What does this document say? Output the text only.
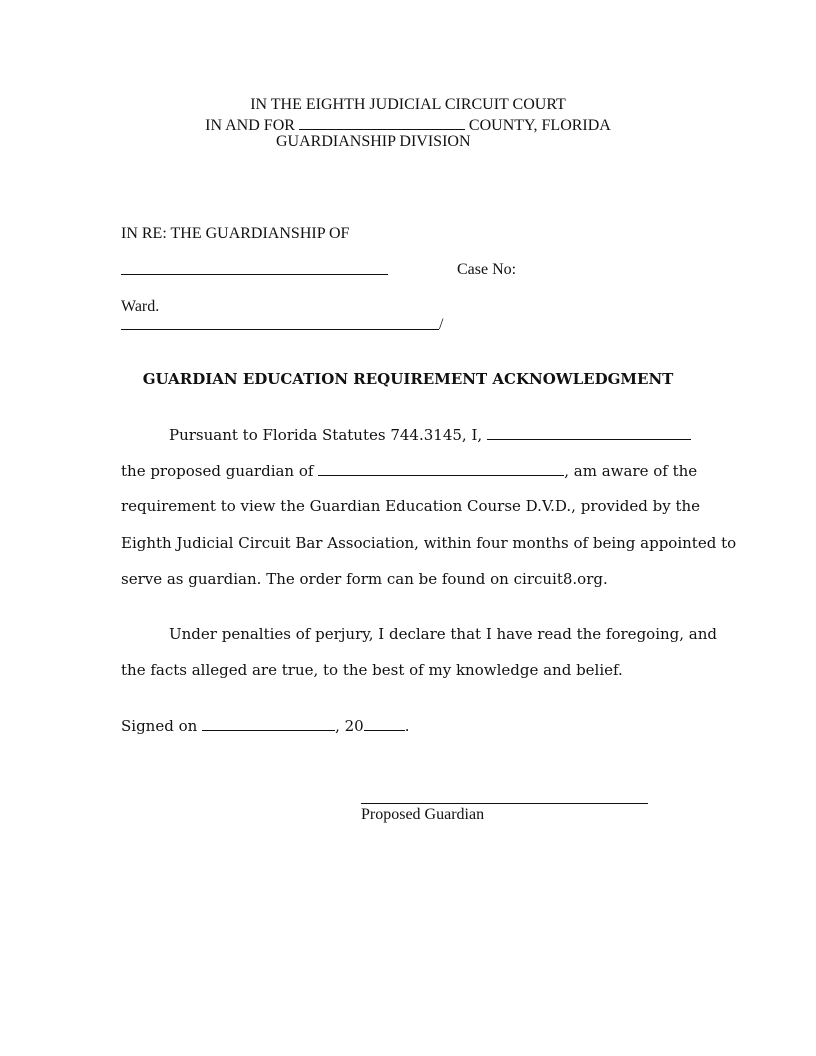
IN THE EIGHTH JUDICIAL CIRCUIT COURT
IN AND FOR	COUNTY, FLORIDA
GUARDIANSHIP DIVISION
IN RE: THE GUARDIANSHIP OF
Case No:
Ward.
/
GUARDIAN EDUCATION REQUIREMENT ACKNOWLEDGMENT
Pursuant to Florida Statutes 744.3145, I,
the proposed guardian of	, am aware of the
requirement to view the Guardian Education Course D.V.D., provided by the
Eighth Judicial Circuit Bar Association, within four months of being appointed to
serve as guardian. The order form can be found on circuit8.org.
Under penalties of perjury, I declare that I have read the foregoing, and
the facts alleged are true, to the best of my knowledge and belief.
Signed on	, 20	.
Proposed Guardian
